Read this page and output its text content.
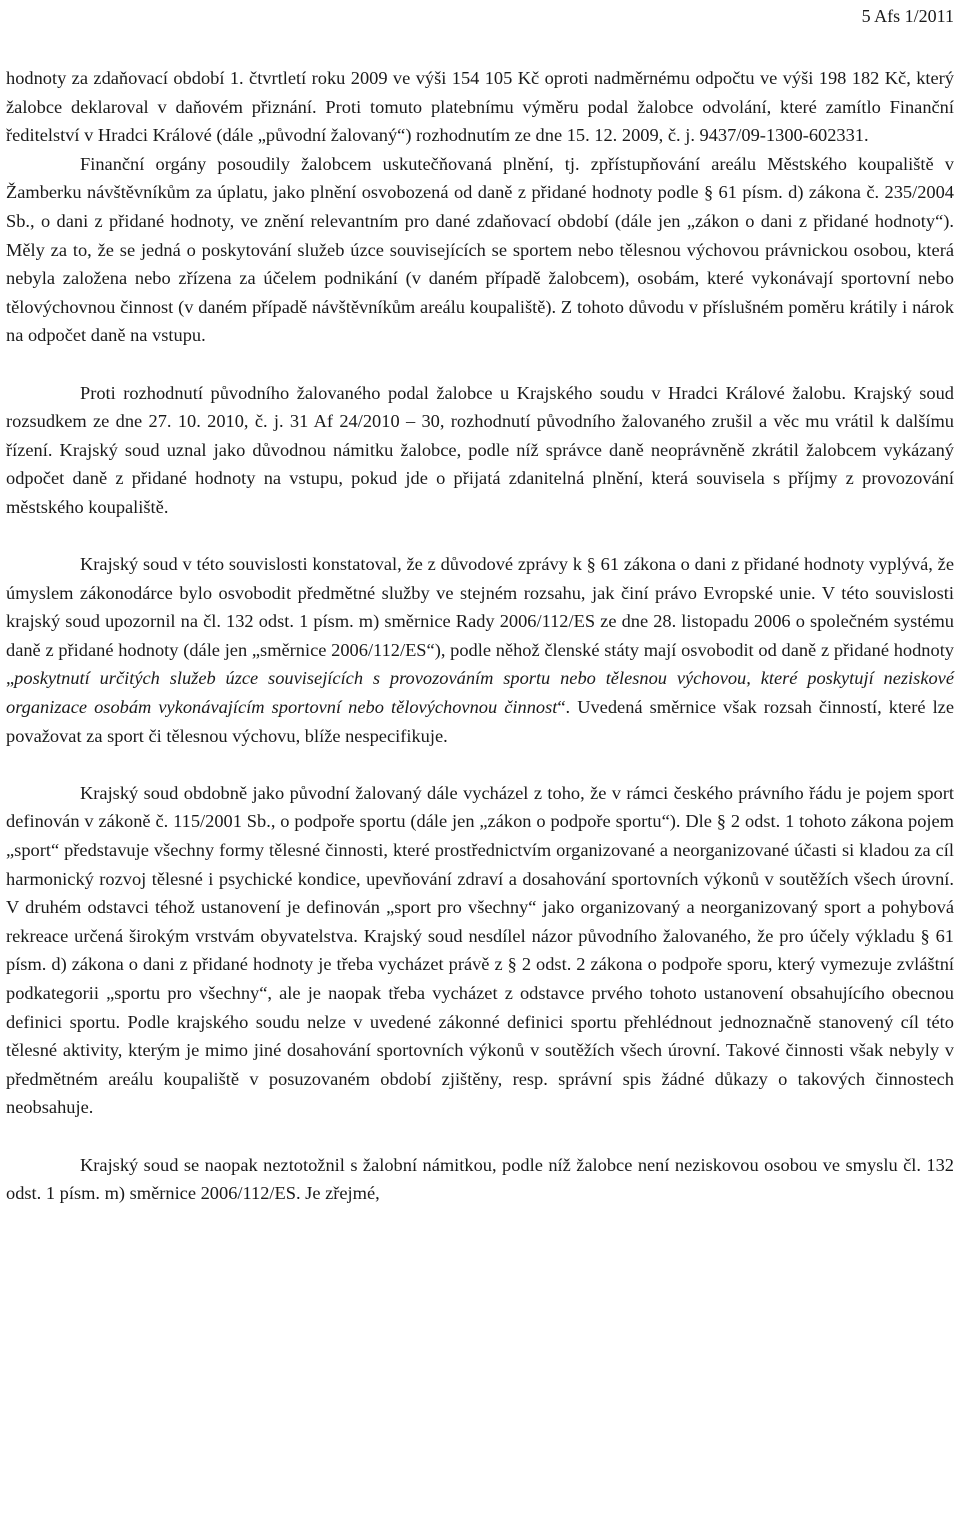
5 Afs 1/2011

hodnoty za zdaňovací období 1. čtvrtletí roku 2009 ve výši 154 105 Kč oproti nadměrnému odpočtu ve výši 198 182 Kč, který žalobce deklaroval v daňovém přiznání. Proti tomuto platebnímu výměru podal žalobce odvolání, které zamítlo Finanční ředitelství v Hradci Králové (dále „původní žalovaný“) rozhodnutím ze dne 15. 12. 2009, č. j. 9437/09-1300-602331.

Finanční orgány posoudily žalobcem uskutečňovaná plnění, tj. zpřístupňování areálu Městského koupaliště v Žamberku návštěvníkům za úplatu, jako plnění osvobozená od daně z přidané hodnoty podle § 61 písm. d) zákona č. 235/2004 Sb., o dani z přidané hodnoty, ve znění relevantním pro dané zdaňovací období (dále jen „zákon o dani z přidané hodnoty“). Měly za to, že se jedná o poskytování služeb úzce souvisejících se sportem nebo tělesnou výchovou právnickou osobou, která nebyla založena nebo zřízena za účelem podnikání (v daném případě žalobcem), osobám, které vykonávají sportovní nebo tělovýchovnou činnost (v daném případě návštěvníkům areálu koupaliště). Z tohoto důvodu v příslušném poměru krátily i nárok na odpočet daně na vstupu.

Proti rozhodnutí původního žalovaného podal žalobce u Krajského soudu v Hradci Králové žalobu. Krajský soud rozsudkem ze dne 27. 10. 2010, č. j. 31 Af 24/2010 – 30, rozhodnutí původního žalovaného zrušil a věc mu vrátil k dalšímu řízení. Krajský soud uznal jako důvodnou námitku žalobce, podle níž správce daně neoprávněně zkrátil žalobcem vykázaný odpočet daně z přidané hodnoty na vstupu, pokud jde o přijatá zdanitelná plnění, která souvisela s příjmy z provozování městského koupaliště.

Krajský soud v této souvislosti konstatoval, že z důvodové zprávy k § 61 zákona o dani z přidané hodnoty vyplývá, že úmyslem zákonodárce bylo osvobodit předmětné služby ve stejném rozsahu, jak činí právo Evropské unie. V této souvislosti krajský soud upozornil na čl. 132 odst. 1 písm. m) směrnice Rady 2006/112/ES ze dne 28. listopadu 2006 o společném systému daně z přidané hodnoty (dále jen „směrnice 2006/112/ES“), podle něhož členské státy mají osvobodit od daně z přidané hodnoty „poskytnutí určitých služeb úzce souvisejících s provozováním sportu nebo tělesnou výchovou, které poskytují neziskové organizace osobám vykonávajícím sportovní nebo tělovýchovnou činnost“. Uvedená směrnice však rozsah činností, které lze považovat za sport či tělesnou výchovu, blíže nespecifikuje.

Krajský soud obdobně jako původní žalovaný dále vycházel z toho, že v rámci českého právního řádu je pojem sport definován v zákoně č. 115/2001 Sb., o podpoře sportu (dále jen „zákon o podpoře sportu“). Dle § 2 odst. 1 tohoto zákona pojem „sport“ představuje všechny formy tělesné činnosti, které prostřednictvím organizované a neorganizované účasti si kladou za cíl harmonický rozvoj tělesné i psychické kondice, upevňování zdraví a dosahování sportovních výkonů v soutěžích všech úrovní. V druhém odstavci téhož ustanovení je definován „sport pro všechny“ jako organizovaný a neorganizovaný sport a pohybová rekreace určená širokým vrstvám obyvatelstva. Krajský soud nesdílel názor původního žalovaného, že pro účely výkladu § 61 písm. d) zákona o dani z přidané hodnoty je třeba vycházet právě z § 2 odst. 2 zákona o podpoře sporu, který vymezuje zvláštní podkategorii „sportu pro všechny“, ale je naopak třeba vycházet z odstavce prvého tohoto ustanovení obsahujícího obecnou definici sportu. Podle krajského soudu nelze v uvedené zákonné definici sportu přehlédnout jednoznačně stanovený cíl této tělesné aktivity, kterým je mimo jiné dosahování sportovních výkonů v soutěžích všech úrovní. Takové činnosti však nebyly v předmětném areálu koupaliště v posuzovaném období zjištěny, resp. správní spis žádné důkazy o takových činnostech neobsahuje.

Krajský soud se naopak neztotožnil s žalobní námitkou, podle níž žalobce není neziskovou osobou ve smyslu čl. 132 odst. 1 písm. m) směrnice 2006/112/ES. Je zřejmé,
